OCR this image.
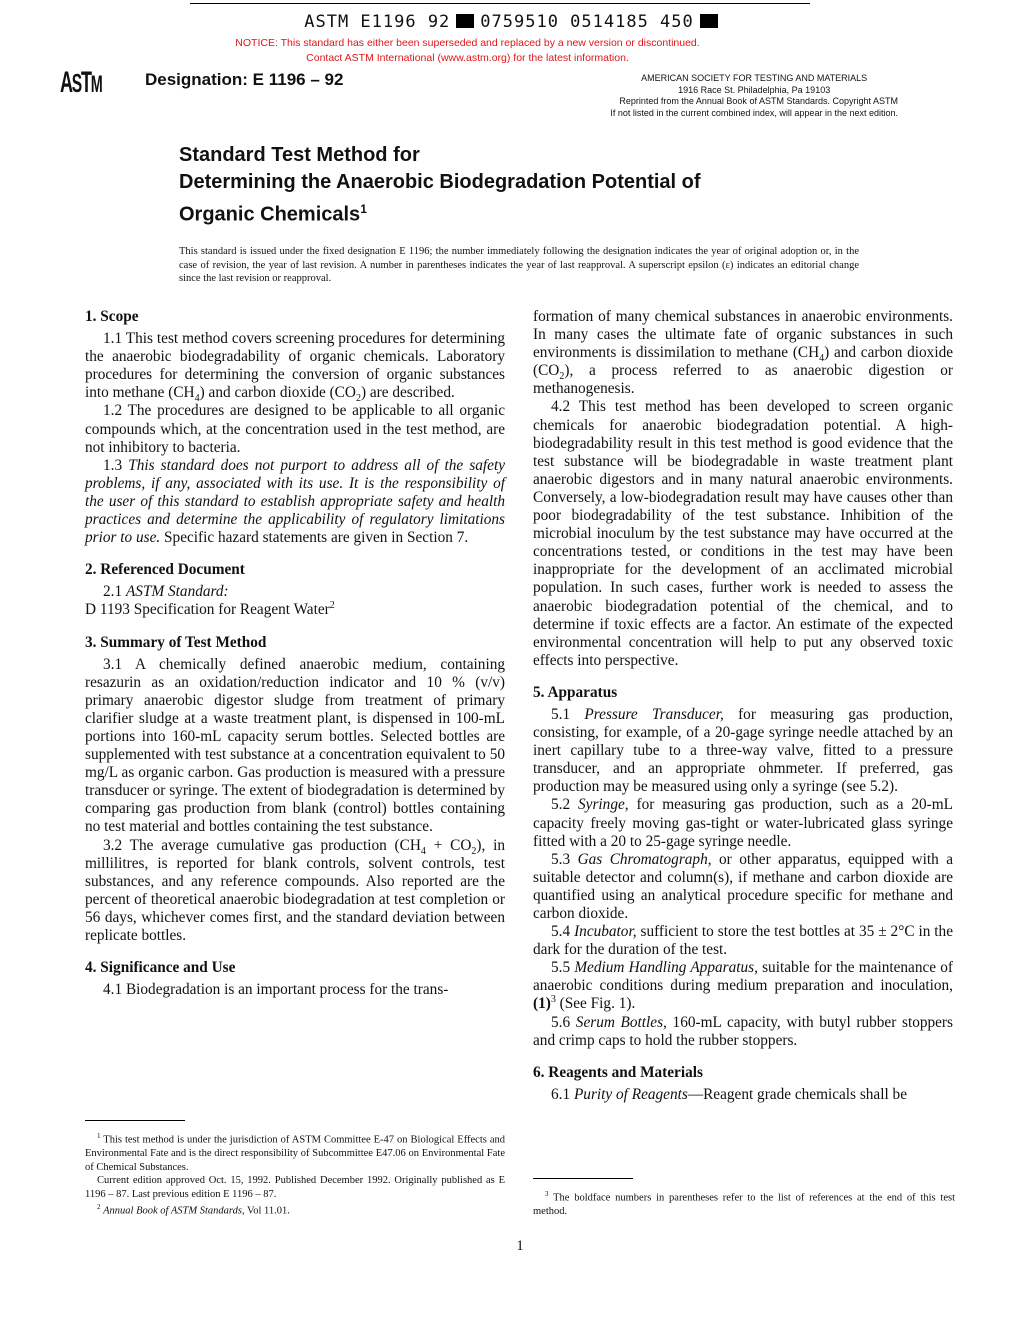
ASTM E1196 92 0759510 0514185 450
NOTICE: This standard has either been superseded and replaced by a new version or discontinued.
Contact ASTM International (www.astm.org) for the latest information.
ASTM	Designation: E 1196 – 92	AMERICAN SOCIETY FOR TESTING AND MATERIALS
1916 Race St. Philadelphia, Pa 19103
Reprinted from the Annual Book of ASTM Standards. Copyright ASTM
If not listed in the current combined index, will appear in the next edition.
Standard Test Method for
Determining the Anaerobic Biodegradation Potential of
Organic Chemicals$^1$
This standard is issued under the fixed designation E 1196; the number immediately following the designation indicates the year of original adoption or, in the case of revision, the year of last revision. A number in parentheses indicates the year of last reapproval. A superscript epsilon (ε) indicates an editorial change since the last revision or reapproval.
1. Scope

1.1 This test method covers screening procedures for determining the anaerobic biodegradability of organic chemicals. Laboratory procedures for determining the conversion of organic substances into methane $(CH_4)$ and carbon dioxide $(CO_2)$ are described.

1.2 The procedures are designed to be applicable to all organic compounds which, at the concentration used in the test method, are not inhibitory to bacteria.

1.3 This standard does not purport to address all of the safety problems, if any, associated with its use. It is the responsibility of the user of this standard to establish appropriate safety and health practices and determine the applicability of regulatory limitations prior to use. Specific hazard statements are given in Section 7.

2. Referenced Document

2.1 ASTM Standard:

D 1193 Specification for Reagent Water$^2$

3. Summary of Test Method

3.1 A chemically defined anaerobic medium, containing resazurin as an oxidation/reduction indicator and 10 % (v/v) primary anaerobic digestor sludge from treatment of primary clarifier sludge at a waste treatment plant, is dispensed in 100-mL portions into 160-mL capacity serum bottles. Selected bottles are supplemented with test substance at a concentration equivalent to 50 mg/L as organic carbon. Gas production is measured with a pressure transducer or syringe. The extent of biodegradation is determined by comparing gas production from blank (control) bottles containing no test material and bottles containing the test substance.

3.2 The average cumulative gas production $(CH_4 + CO_2)$, in millilitres, is reported for blank controls, solvent controls, test substances, and any reference compounds. Also reported are the percent of theoretical anaerobic biodegradation at test completion or 56 days, whichever comes first, and the standard deviation between replicate bottles.

4. Significance and Use

4.1 Biodegradation is an important process for the trans-

formation of many chemical substances in anaerobic environments. In many cases the ultimate fate of organic substances in such environments is dissimilation to methane $(CH_4)$ and carbon dioxide $(CO_2)$, a process referred to as anaerobic digestion or methanogenesis.

4.2 This test method has been developed to screen organic chemicals for anaerobic biodegradation potential. A high-biodegradability result in this test method is good evidence that the test substance will be biodegradable in waste treatment plant anaerobic digestors and in many natural anaerobic environments. Conversely, a low-biodegradation result may have causes other than poor biodegradability of the test substance. Inhibition of the microbial inoculum by the test substance may have occurred at the concentrations tested, or conditions in the test may have been inappropriate for the development of an acclimated microbial population. In such cases, further work is needed to assess the anaerobic biodegradation potential of the chemical, and to determine if toxic effects are a factor. An estimate of the expected environmental concentration will help to put any observed toxic effects into perspective.

5. Apparatus

5.1 Pressure Transducer, for measuring gas production, consisting, for example, of a 20-gage syringe needle attached by an inert capillary tube to a three-way valve, fitted to a pressure transducer, and an appropriate ohmmeter. If preferred, gas production may be measured using only a syringe (see 5.2).

5.2 Syringe, for measuring gas production, such as a 20-mL capacity freely moving gas-tight or water-lubricated glass syringe fitted with a 20 to 25-gage syringe needle.

5.3 Gas Chromatograph, or other apparatus, equipped with a suitable detector and column(s), if methane and carbon dioxide are quantified using an analytical procedure specific for methane and carbon dioxide.

5.4 Incubator, sufficient to store the test bottles at 35 ± 2°C in the dark for the duration of the test.

5.5 Medium Handling Apparatus, suitable for the maintenance of anaerobic conditions during medium preparation and inoculation, $(1)^3$ (See Fig. 1).

5.6 Serum Bottles, 160-mL capacity, with butyl rubber stoppers and crimp caps to hold the rubber stoppers.

6. Reagents and Materials

6.1 Purity of Reagents—Reagent grade chemicals shall be

$^1$ This test method is under the jurisdiction of ASTM Committee E-47 on Biological Effects and Environmental Fate and is the direct responsibility of Subcommittee E47.06 on Environmental Fate of Chemical Substances.

Current edition approved Oct. 15, 1992. Published December 1992. Originally published as E 1196 – 87. Last previous edition E 1196 – 87.

$^2$ Annual Book of ASTM Standards, Vol 11.01.

$^3$ The boldface numbers in parentheses refer to the list of references at the end of this test method.

1
